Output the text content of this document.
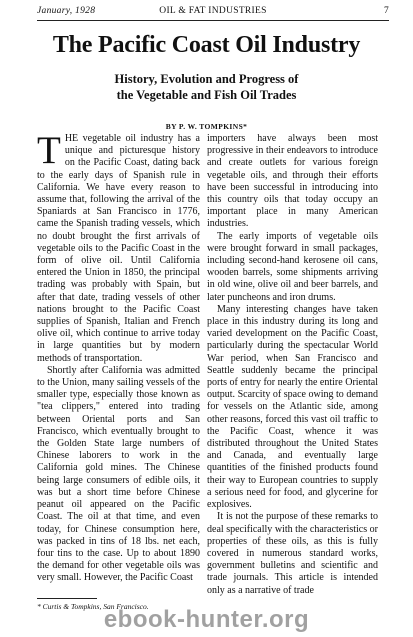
January, 1928	OIL & FAT INDUSTRIES	7
The Pacific Coast Oil Industry
History, Evolution and Progress of
the Vegetable and Fish Oil Trades
BY P. W. TOMPKINS*

THE vegetable oil industry has a unique and picturesque history on the Pacific Coast, dating back to the early days of Spanish rule in California. We have every reason to assume that, following the arrival of the Spaniards at San Francisco in 1776, came the Spanish trading vessels, which no doubt brought the first arrivals of vegetable oils to the Pacific Coast in the form of olive oil. Until California entered the Union in 1850, the principal trading was probably with Spain, but after that date, trading vessels of other nations brought to the Pacific Coast supplies of Spanish, Italian and French olive oil, which continue to arrive today in large quantities but by modern methods of transportation.

Shortly after California was admitted to the Union, many sailing vessels of the smaller type, especially those known as "tea clippers," entered into trading between Oriental ports and San Francisco, which eventually brought to the Golden State large numbers of Chinese laborers to work in the California gold mines. The Chinese being large consumers of edible oils, it was but a short time before Chinese peanut oil appeared on the Pacific Coast. The oil at that time, and even today, for Chinese consumption here, was packed in tins of 18 lbs. net each, four tins to the case. Up to about 1890 the demand for other vegetable oils was very small. However, the Pacific Coast

importers have always been most progressive in their endeavors to introduce and create outlets for various foreign vegetable oils, and through their efforts have been successful in introducing into this country oils that today occupy an important place in many American industries.

The early imports of vegetable oils were brought forward in small packages, including second-hand kerosene oil cans, wooden barrels, some shipments arriving in old wine, olive oil and beer barrels, and later puncheons and iron drums.

Many interesting changes have taken place in this industry during its long and varied development on the Pacific Coast, particularly during the spectacular World War period, when San Francisco and Seattle suddenly became the principal ports of entry for nearly the entire Oriental output. Scarcity of space owing to demand for vessels on the Atlantic side, among other reasons, forced this vast oil traffic to the Pacific Coast, whence it was distributed throughout the United States and Canada, and eventually large quantities of the finished products found their way to European countries to supply a serious need for food, and glycerine for explosives.

It is not the purpose of these remarks to deal specifically with the characteristics or properties of these oils, as this is fully covered in numerous standard works, government bulletins and scientific and trade journals. This article is intended only as a narrative of trade

* Curtis & Tompkins, San Francisco.
ebook-hunter.org
